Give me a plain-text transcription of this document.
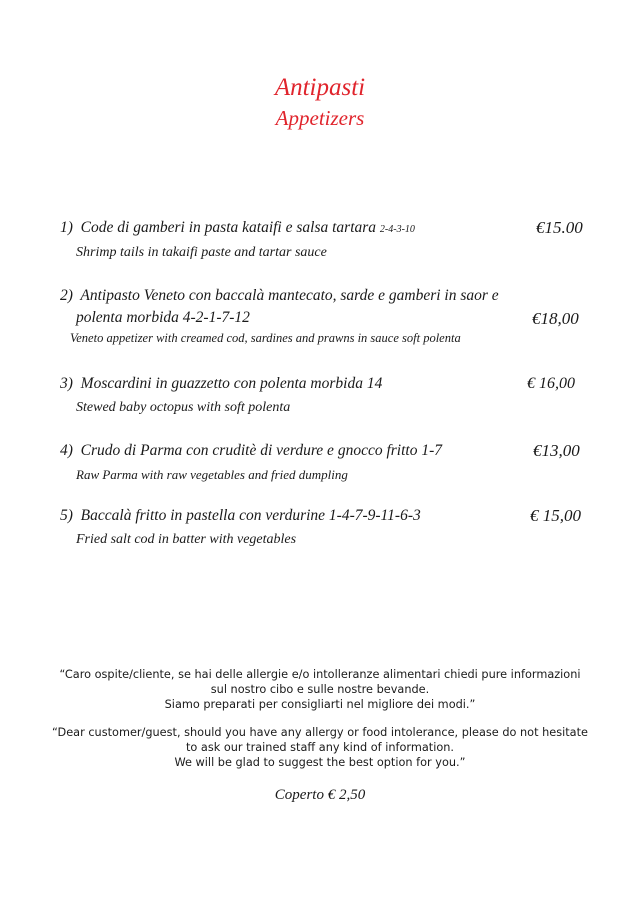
Antipasti
Appetizers
1) Code di gamberi in pasta kataifi e salsa tartara 2-4-3-10
Shrimp tails in takaifi paste and tartar sauce
€15.00
2) Antipasto Veneto con baccalà mantecato, sarde e gamberi in saor e
polenta morbida 4-2-1-7-12
Veneto appetizer with creamed cod, sardines and prawns in sauce soft polenta
€18,00
3) Moscardini in guazzetto con polenta morbida 14
Stewed baby octopus with soft polenta
€ 16,00
4) Crudo di Parma con cruditè di verdure e gnocco fritto 1-7
Raw Parma with raw vegetables and fried dumpling
€13,00
5) Baccalà fritto in pastella con verdurine 1-4-7-9-11-6-3
Fried salt cod in batter with vegetables
€ 15,00
“Caro ospite/cliente, se hai delle allergie e/o intolleranze alimentari chiedi pure informazioni
sul nostro cibo e sulle nostre bevande.
Siamo preparati per consigliarti nel migliore dei modi.”
“Dear customer/guest, should you have any allergy or food intolerance, please do not hesitate
to ask our trained staff any kind of information.
We will be glad to suggest the best option for you.”
Coperto € 2,50
